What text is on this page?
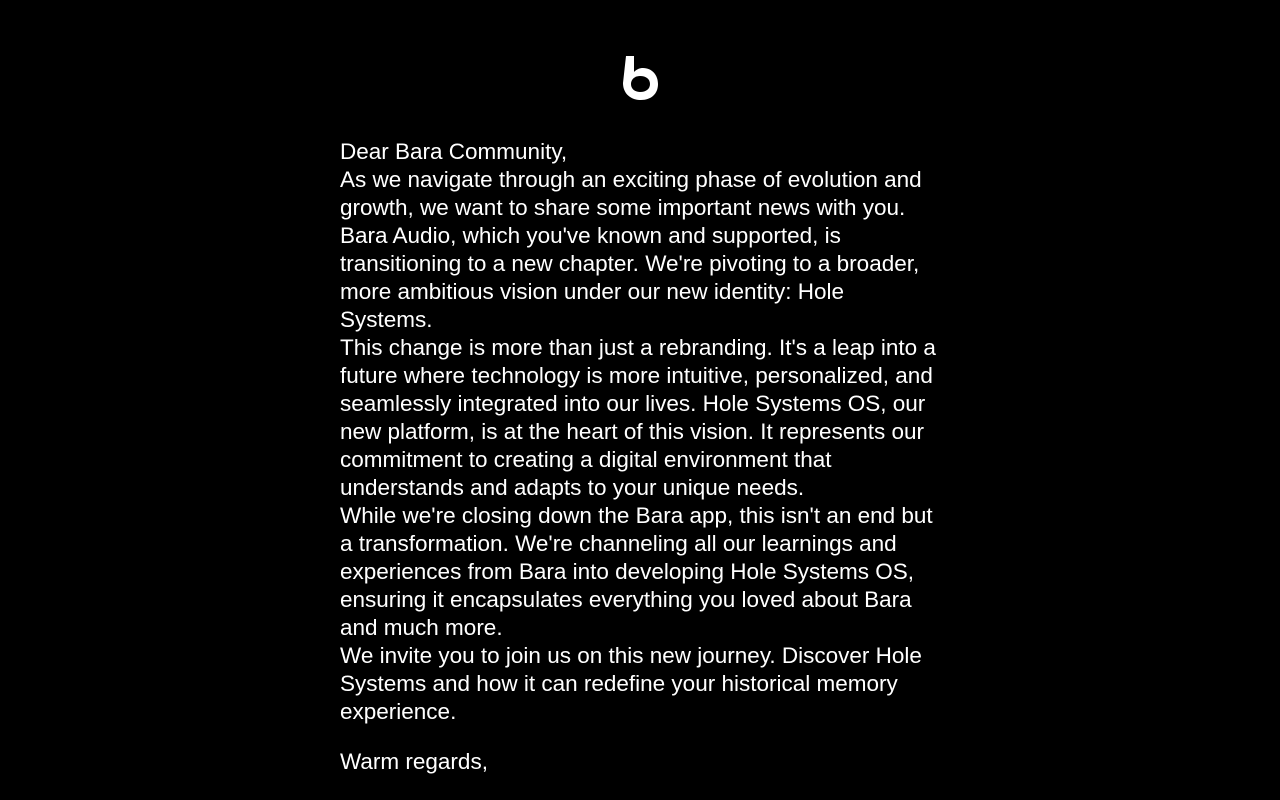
Dear Bara Community,

As we navigate through an exciting phase of evolution and growth, we want to share some important news with you. Bara Audio, which you've known and supported, is transitioning to a new chapter. We're pivoting to a broader, more ambitious vision under our new identity: Hole Systems.

This change is more than just a rebranding. It's a leap into a future where technology is more intuitive, personalized, and seamlessly integrated into our lives. Hole Systems OS, our new platform, is at the heart of this vision. It represents our commitment to creating a digital environment that understands and adapts to your unique needs.

While we're closing down the Bara app, this isn't an end but a transformation. We're channeling all our learnings and experiences from Bara into developing Hole Systems OS, ensuring it encapsulates everything you loved about Bara and much more.

We invite you to join us on this new journey. Discover Hole Systems and how it can redefine your historical memory experience.

Warm regards,
